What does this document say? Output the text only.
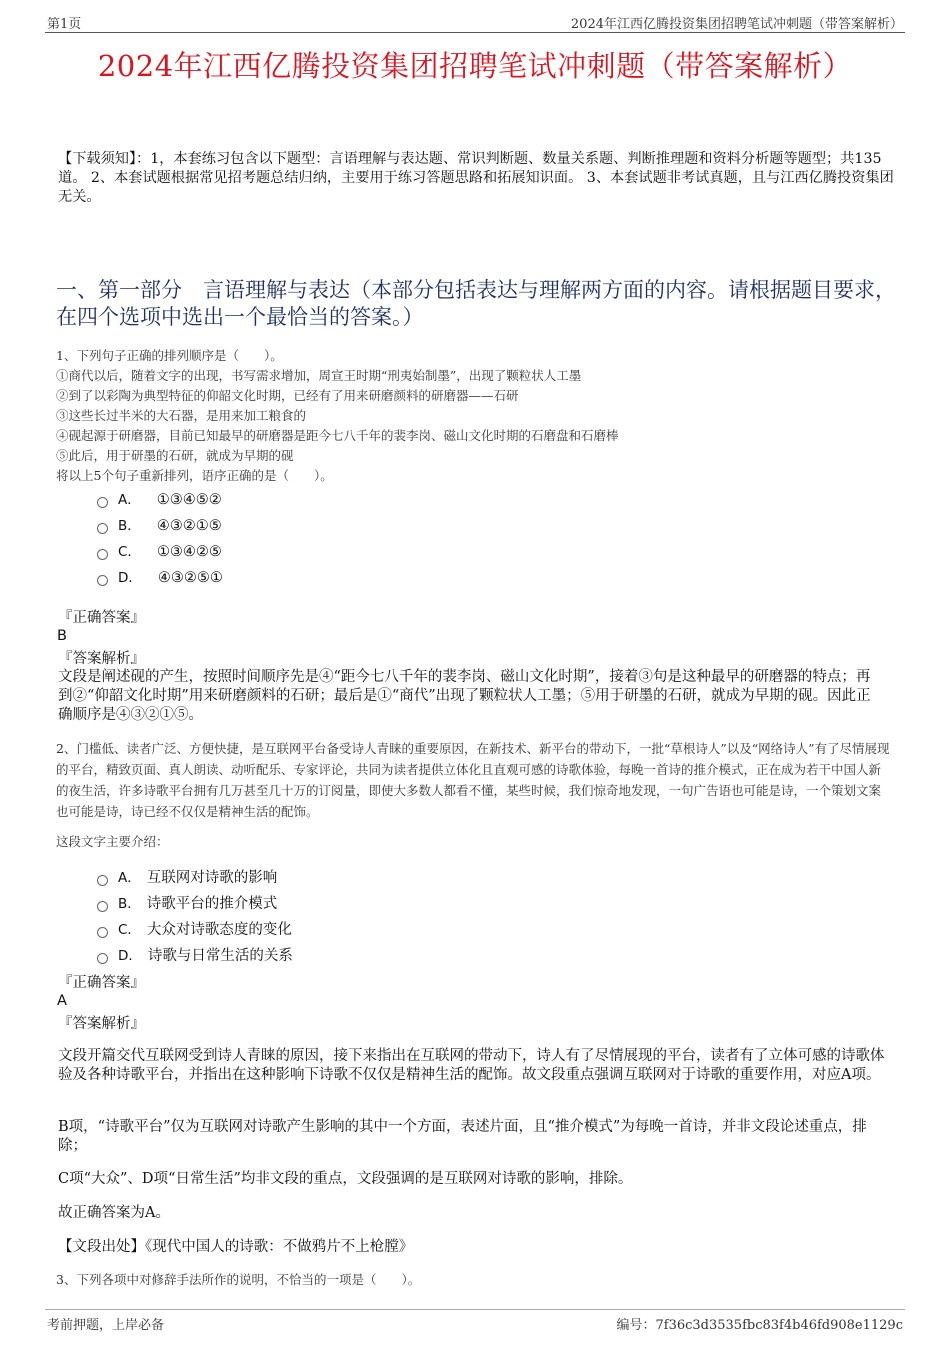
第1页	2024年江西亿腾投资集团招聘笔试冲刺题（带答案解析）
2024年江西亿腾投资集团招聘笔试冲刺题（带答案解析）
【下载须知】：1，本套练习包含以下题型：言语理解与表达题、常识判断题、数量关系题、判断推理题和资料分析题等题型；共135道。 2、本套试题根据常见招考题总结归纳，主要用于练习答题思路和拓展知识面。 3、本套试题非考试真题，且与江西亿腾投资集团无关。
一、第一部分　言语理解与表达（本部分包括表达与理解两方面的内容。请根据题目要求，在四个选项中选出一个最恰当的答案。）
1、下列句子正确的排列顺序是（　　）。
①商代以后，随着文字的出现，书写需求增加，周宣王时期“刑夷始制墨”，出现了颗粒状人工墨
②到了以彩陶为典型特征的仰韶文化时期，已经有了用来研磨颜料的研磨器——石研
③这些长过半米的大石器，是用来加工粮食的
④砚起源于研磨器，目前已知最早的研磨器是距今七八千年的裴李岗、磁山文化时期的石磨盘和石磨棒
⑤此后，用于研墨的石研，就成为早期的砚
将以上5个句子重新排列，语序正确的是（　　）。
A． ①③④⑤②
B． ④③②①⑤
C． ①③④②⑤
D． ④③②⑤①
『正确答案』
B
『答案解析』
文段是阐述砚的产生，按照时间顺序先是④“距今七八千年的裴李岗、磁山文化时期”，接着③句是这种最早的研磨器的特点；再到②“仰韶文化时期”用来研磨颜料的石研；最后是①“商代”出现了颗粒状人工墨；⑤用于研墨的石研，就成为早期的砚。因此正确顺序是④③②①⑤。
2、门槛低、读者广泛、方便快捷，是互联网平台备受诗人青睐的重要原因，在新技术、新平台的带动下，一批“草根诗人”以及“网络诗人”有了尽情展现的平台，精致页面、真人朗读、动听配乐、专家评论，共同为读者提供立体化且直观可感的诗歌体验，每晚一首诗的推介模式，正在成为若干中国人新的夜生活，许多诗歌平台拥有几万甚至几十万的订阅量，即使大多数人都看不懂，某些时候，我们惊奇地发现，一句广告语也可能是诗，一个策划文案也可能是诗，诗已经不仅仅是精神生活的配饰。
这段文字主要介绍：
A． 互联网对诗歌的影响
B． 诗歌平台的推介模式
C． 大众对诗歌态度的变化
D． 诗歌与日常生活的关系
『正确答案』
A
『答案解析』
文段开篇交代互联网受到诗人青睐的原因，接下来指出在互联网的带动下，诗人有了尽情展现的平台，读者有了立体可感的诗歌体验及各种诗歌平台，并指出在这种影响下诗歌不仅仅是精神生活的配饰。故文段重点强调互联网对于诗歌的重要作用，对应A项。
B项，“诗歌平台”仅为互联网对诗歌产生影响的其中一个方面，表述片面，且“推介模式”为每晚一首诗，并非文段论述重点，排除；
C项“大众”、D项“日常生活”均非文段的重点，文段强调的是互联网对诗歌的影响，排除。
故正确答案为A。
【文段出处】《现代中国人的诗歌：不做鸦片不上枪膛》
3、下列各项中对修辞手法所作的说明，不恰当的一项是（　　）。
考前押题，上岸必备	编号：7f36c3d3535fbc83f4b46fd908e1129c
